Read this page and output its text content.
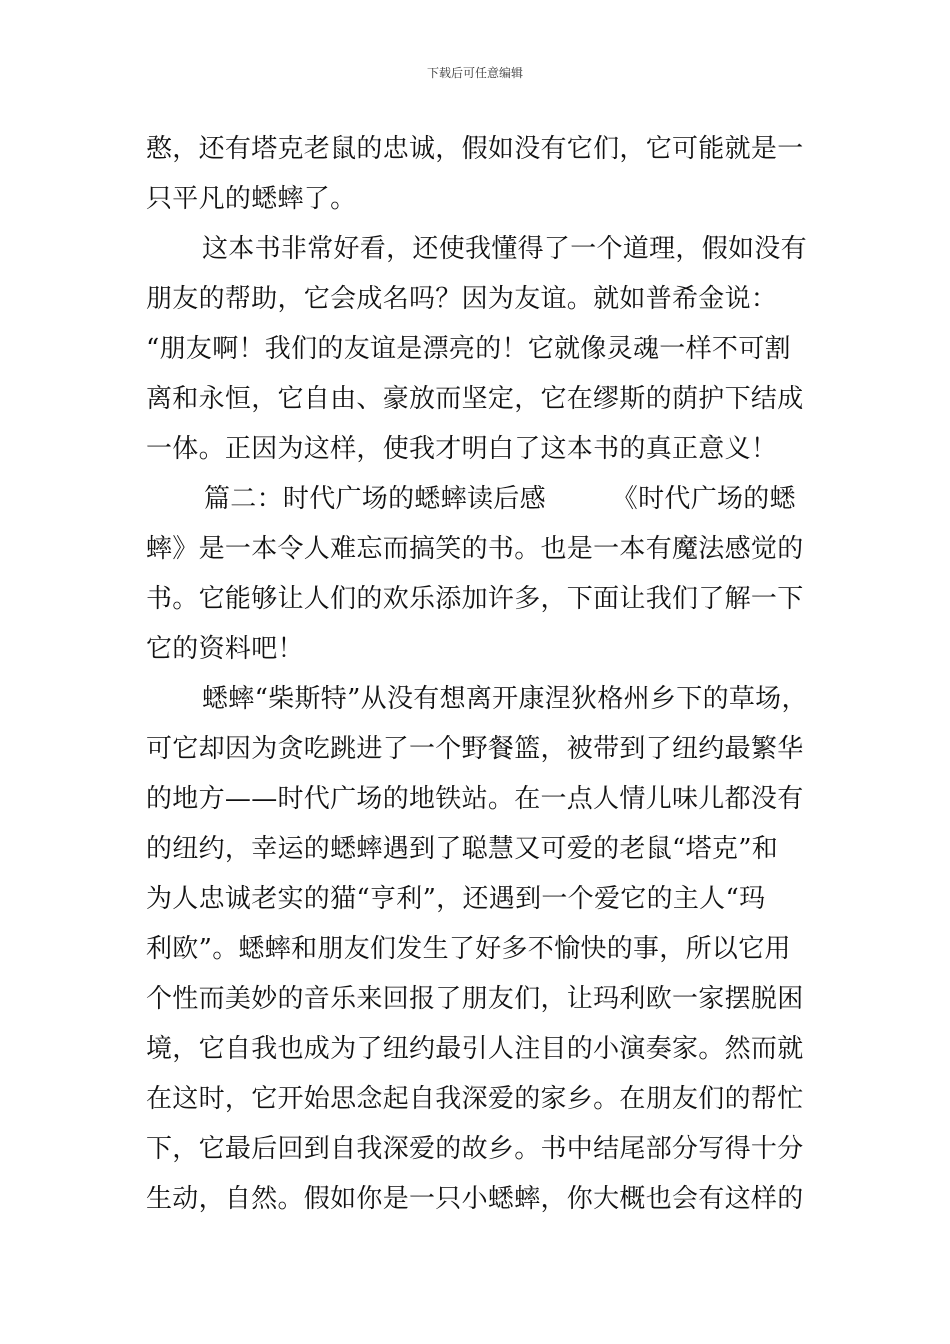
下载后可任意编辑
憨，还有塔克老鼠的忠诚，假如没有它们，它可能就是一
只平凡的蟋蟀了。
这本书非常好看，还使我懂得了一个道理，假如没有
朋友的帮助，它会成名吗？因为友谊。就如普希金说：
“朋友啊！我们的友谊是漂亮的！它就像灵魂一样不可割
离和永恒，它自由、豪放而坚定，它在缪斯的荫护下结成
一体。正因为这样，使我才明白了这本书的真正意义！
篇二：时代广场的蟋蟀读后感　　　《时代广场的蟋
蟀》是一本令人难忘而搞笑的书。也是一本有魔法感觉的
书。它能够让人们的欢乐添加许多，下面让我们了解一下
它的资料吧！
蟋蟀“柴斯特”从没有想离开康涅狄格州乡下的草场，
可它却因为贪吃跳进了一个野餐篮，被带到了纽约最繁华
的地方——时代广场的地铁站。在一点人情儿味儿都没有
的纽约，幸运的蟋蟀遇到了聪慧又可爱的老鼠“塔克”和
为人忠诚老实的猫“亨利”，还遇到一个爱它的主人“玛
利欧”。蟋蟀和朋友们发生了好多不愉快的事，所以它用
个性而美妙的音乐来回报了朋友们，让玛利欧一家摆脱困
境，它自我也成为了纽约最引人注目的小演奏家。然而就
在这时，它开始思念起自我深爱的家乡。在朋友们的帮忙
下，它最后回到自我深爱的故乡。书中结尾部分写得十分
生动，自然。假如你是一只小蟋蟀，你大概也会有这样的
